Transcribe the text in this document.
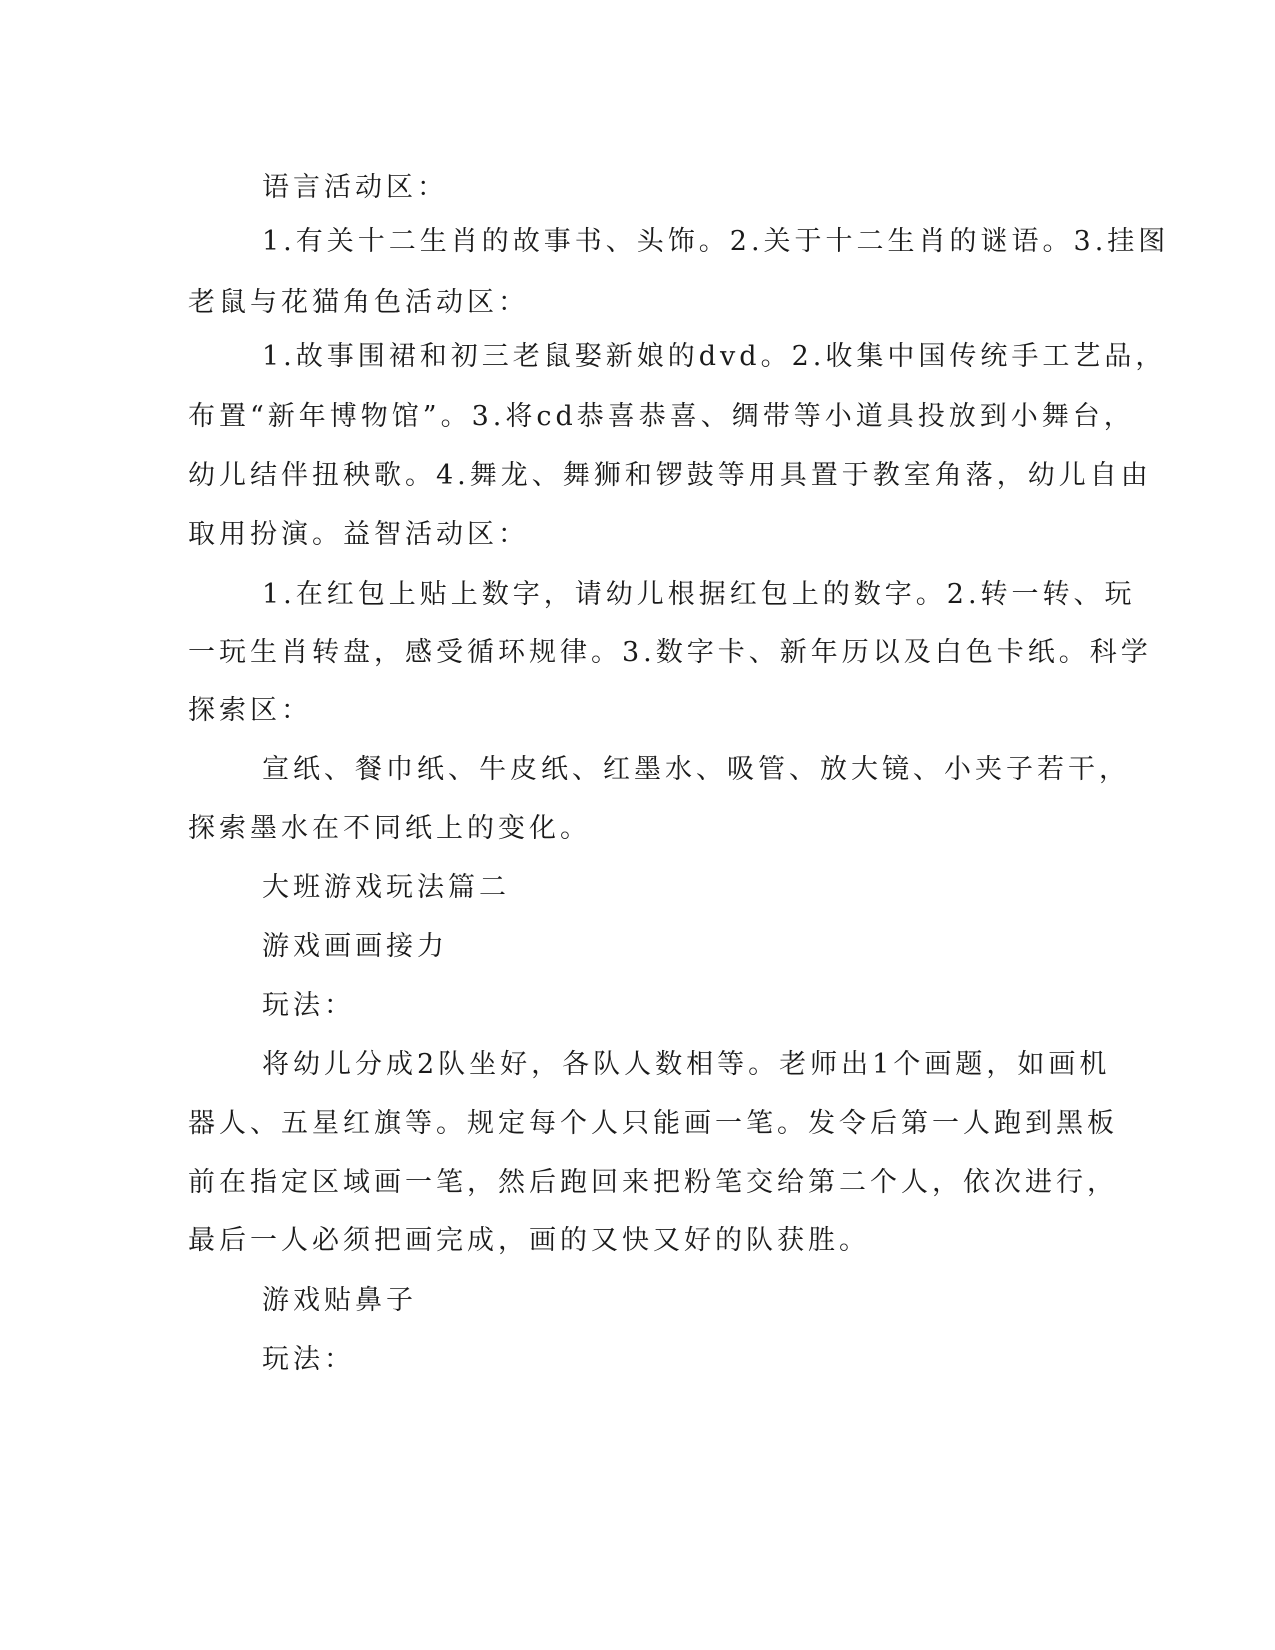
语言活动区：
1.有关十二生肖的故事书、头饰。2.关于十二生肖的谜语。3.挂图
老鼠与花猫角色活动区：
1.故事围裙和初三老鼠娶新娘的dvd。2.收集中国传统手工艺品，
布置“新年博物馆”。3.将cd恭喜恭喜、绸带等小道具投放到小舞台，
幼儿结伴扭秧歌。4.舞龙、舞狮和锣鼓等用具置于教室角落，幼儿自由
取用扮演。益智活动区：
1.在红包上贴上数字，请幼儿根据红包上的数字。2.转一转、玩
一玩生肖转盘，感受循环规律。3.数字卡、新年历以及白色卡纸。科学
探索区：
宣纸、餐巾纸、牛皮纸、红墨水、吸管、放大镜、小夹子若干，
探索墨水在不同纸上的变化。
大班游戏玩法篇二
游戏画画接力
玩法：
将幼儿分成2队坐好，各队人数相等。老师出1个画题，如画机
器人、五星红旗等。规定每个人只能画一笔。发令后第一人跑到黑板
前在指定区域画一笔，然后跑回来把粉笔交给第二个人，依次进行，
最后一人必须把画完成，画的又快又好的队获胜。
游戏贴鼻子
玩法：
